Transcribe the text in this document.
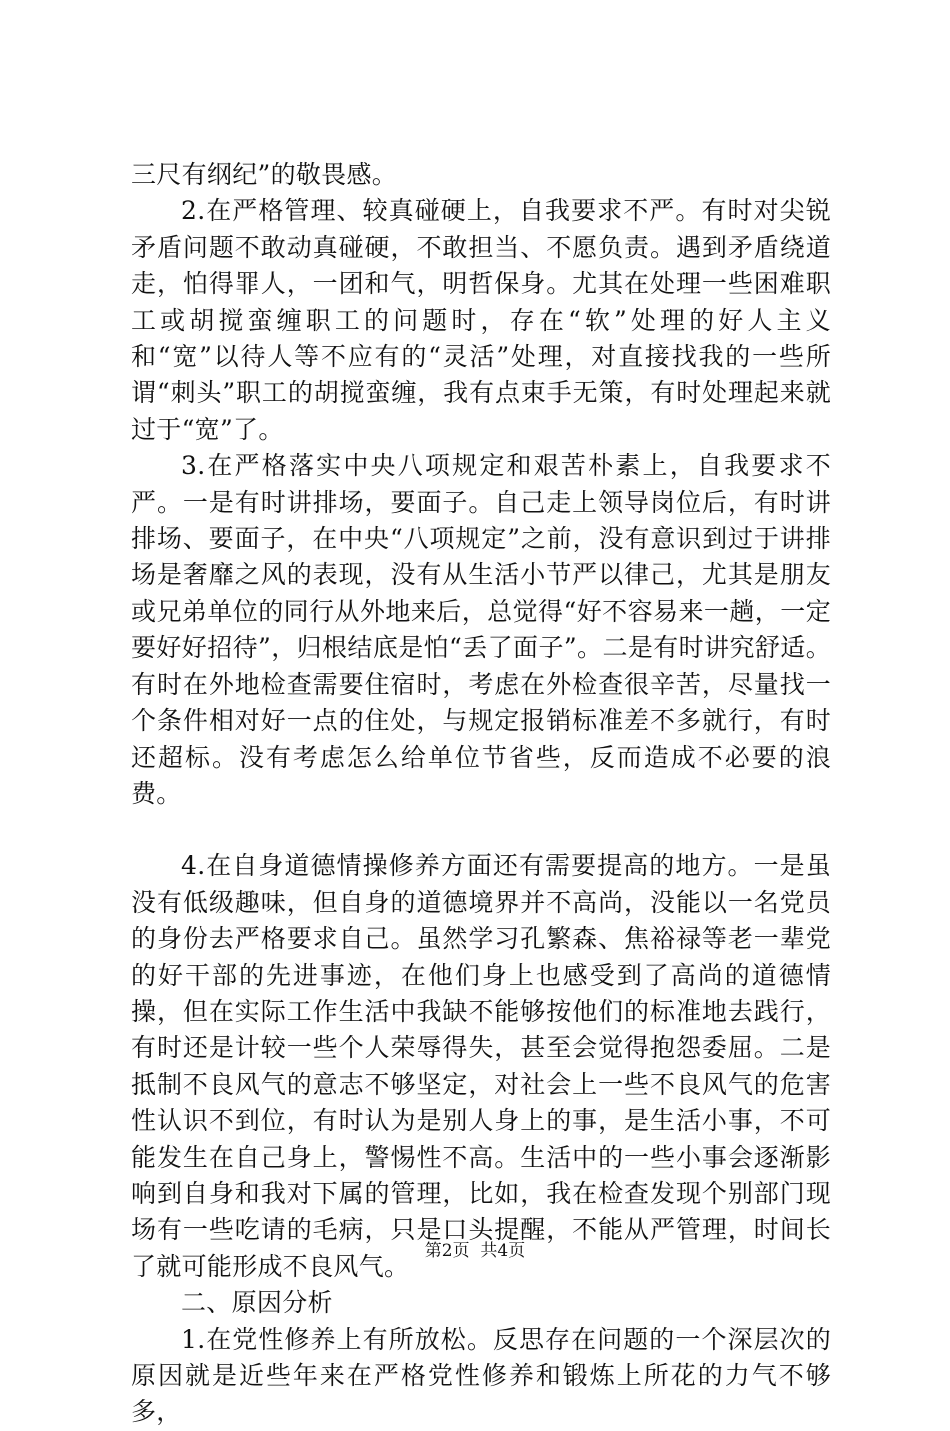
三尺有纲纪”的敬畏感。

2.在严格管理、较真碰硬上，自我要求不严。有时对尖锐矛盾问题不敢动真碰硬，不敢担当、不愿负责。遇到矛盾绕道走，怕得罪人，一团和气，明哲保身。尤其在处理一些困难职工或胡搅蛮缠职工的问题时，存在“软”处理的好人主义和“宽”以待人等不应有的“灵活”处理，对直接找我的一些所谓“刺头”职工的胡搅蛮缠，我有点束手无策，有时处理起来就过于“宽”了。

3.在严格落实中央八项规定和艰苦朴素上，自我要求不严。一是有时讲排场，要面子。自己走上领导岗位后，有时讲排场、要面子，在中央“八项规定”之前，没有意识到过于讲排场是奢靡之风的表现，没有从生活小节严以律己，尤其是朋友或兄弟单位的同行从外地来后，总觉得“好不容易来一趟，一定要好好招待”，归根结底是怕“丢了面子”。二是有时讲究舒适。有时在外地检查需要住宿时，考虑在外检查很辛苦，尽量找一个条件相对好一点的住处，与规定报销标准差不多就行，有时还超标。没有考虑怎么给单位节省些，反而造成不必要的浪费。

4.在自身道德情操修养方面还有需要提高的地方。一是虽没有低级趣味，但自身的道德境界并不高尚，没能以一名党员的身份去严格要求自己。虽然学习孔繁森、焦裕禄等老一辈党的好干部的先进事迹，在他们身上也感受到了高尚的道德情操，但在实际工作生活中我缺不能够按他们的标准地去践行，有时还是计较一些个人荣辱得失，甚至会觉得抱怨委屈。二是抵制不良风气的意志不够坚定，对社会上一些不良风气的危害性认识不到位，有时认为是别人身上的事，是生活小事，不可能发生在自己身上，警惕性不高。生活中的一些小事会逐渐影响到自身和我对下属的管理，比如，我在检查发现个别部门现场有一些吃请的毛病，只是口头提醒，不能从严管理，时间长了就可能形成不良风气。

二、原因分析

1.在党性修养上有所放松。反思存在问题的一个深层次的原因就是近些年来在严格党性修养和锻炼上所花的力气不够多，

第2页 共4页
